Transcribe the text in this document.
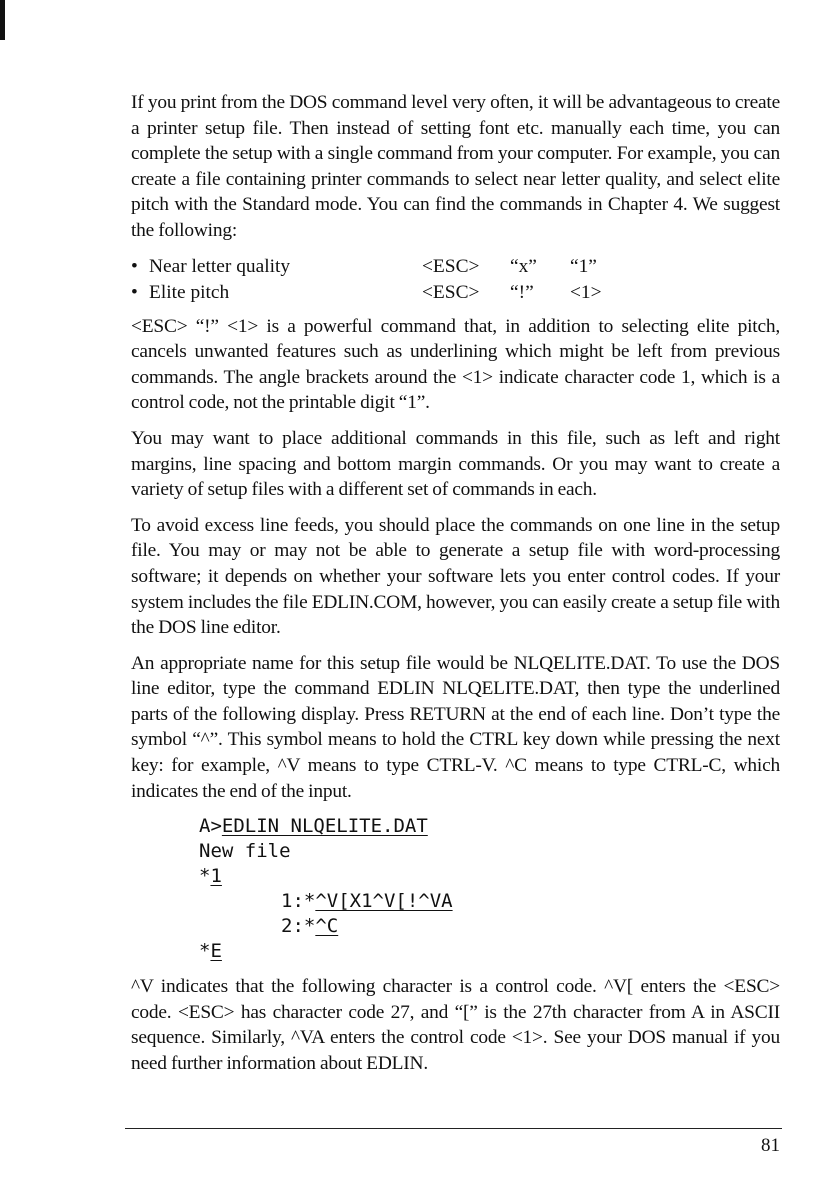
If you print from the DOS command level very often, it will be advantageous to create a printer setup file. Then instead of setting font etc. manually each time, you can complete the setup with a single command from your computer. For example, you can create a file containing printer commands to select near letter quality, and select elite pitch with the Standard mode. You can find the commands in Chapter 4. We suggest the following:

• Near letter quality	<ESC>	“x”	“1”
• Elite pitch	<ESC>	“!”	<1>

<ESC> “!” <1> is a powerful command that, in addition to selecting elite pitch, cancels unwanted features such as underlining which might be left from previous commands. The angle brackets around the <1> indicate character code 1, which is a control code, not the printable digit “1”.

You may want to place additional commands in this file, such as left and right margins, line spacing and bottom margin commands. Or you may want to create a variety of setup files with a different set of commands in each.

To avoid excess line feeds, you should place the commands on one line in the setup file. You may or may not be able to generate a setup file with word-processing software; it depends on whether your software lets you enter control codes. If your system includes the file EDLIN.COM, however, you can easily create a setup file with the DOS line editor.

An appropriate name for this setup file would be NLQELITE.DAT. To use the DOS line editor, type the command EDLIN NLQELITE.DAT, then type the underlined parts of the following display. Press RETURN at the end of each line. Don’t type the symbol “^”. This symbol means to hold the CTRL key down while pressing the next key: for example, ^V means to type CTRL-V. ^C means to type CTRL-C, which indicates the end of the input.

A>EDLIN NLQELITE.DAT
New file
*1
1:*^V[X1^V[!^VA
2:*^C
*E

^V indicates that the following character is a control code. ^V[ enters the <ESC> code. <ESC> has character code 27, and “[” is the 27th character from A in ASCII sequence. Similarly, ^VA enters the control code <1>. See your DOS manual if you need further information about EDLIN.

81
